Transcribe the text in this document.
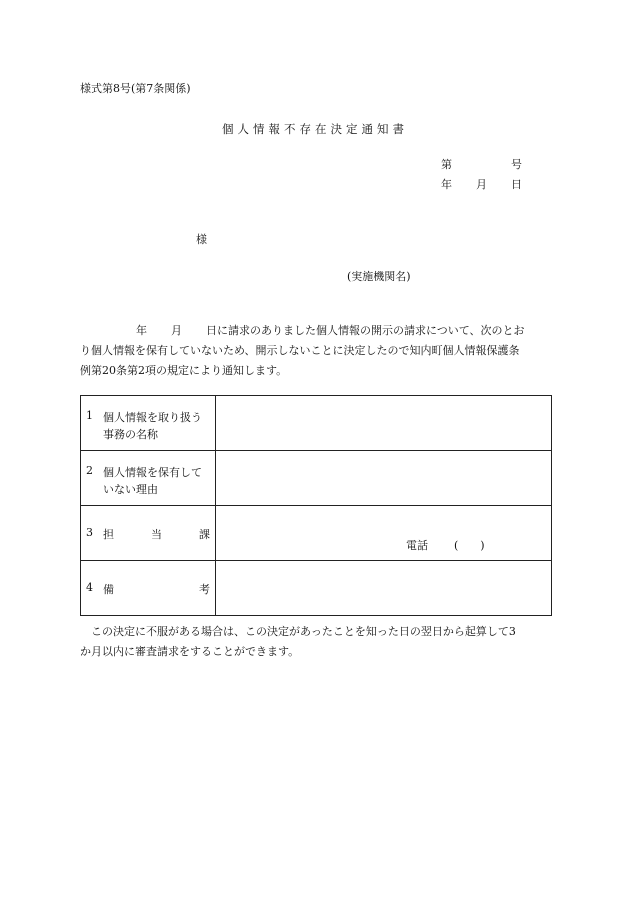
様式第8号(第7条関係)
個人情報不存在決定通知書
第	号
年 月 日
様
(実施機関名)
年 月 日に請求のありました個人情報の開示の請求について、次のとお
り個人情報を保有していないため、開示しないことに決定したので知内町個人情報保護条
例第20条第2項の規定により通知します。
1 個人情報を取り扱う事務の名称	

2 個人情報を保有していない理由	

3 担 当 課	電話 ( )

4 備 考	

この決定に不服がある場合は、この決定があったことを知った日の翌日から起算して3
か月以内に審査請求をすることができます。
